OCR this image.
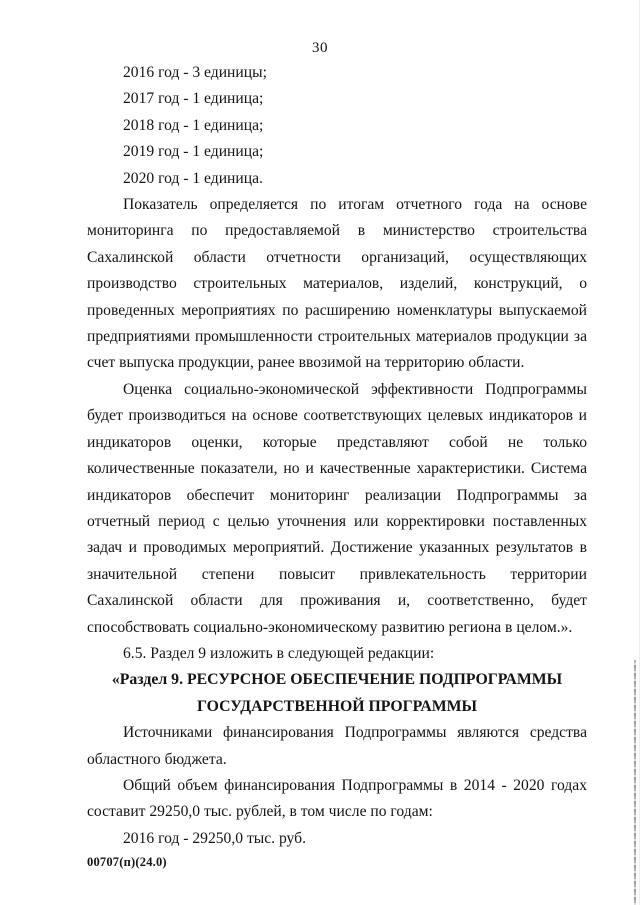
30

2016 год - 3 единицы;

2017 год - 1 единица;

2018 год - 1 единица;

2019 год - 1 единица;

2020 год - 1 единица.

Показатель определяется по итогам отчетного года на основе мониторинга по предоставляемой в министерство строительства Сахалинской области отчетности организаций, осуществляющих производство строительных материалов, изделий, конструкций, о проведенных мероприятиях по расширению номенклатуры выпускаемой предприятиями промышленности строительных материалов продукции за счет выпуска продукции, ранее ввозимой на территорию области.

Оценка социально-экономической эффективности Подпрограммы будет производиться на основе соответствующих целевых индикаторов и индикаторов оценки, которые представляют собой не только количественные показатели, но и качественные характеристики. Система индикаторов обеспечит мониторинг реализации Подпрограммы за отчетный период с целью уточнения или корректировки поставленных задач и проводимых мероприятий. Достижение указанных результатов в значительной степени повысит привлекательность территории Сахалинской области для проживания и, соответственно, будет способствовать социально-экономическому развитию региона в целом.».

6.5. Раздел 9 изложить в следующей редакции:

«Раздел 9. РЕСУРСНОЕ ОБЕСПЕЧЕНИЕ ПОДПРОГРАММЫ

ГОСУДАРСТВЕННОЙ ПРОГРАММЫ

Источниками финансирования Подпрограммы являются средства областного бюджета.

Общий объем финансирования Подпрограммы в 2014 - 2020 годах составит 29250,0 тыс. рублей, в том числе по годам:

2016 год - 29250,0 тыс. руб.

00707(п)(24.0)
